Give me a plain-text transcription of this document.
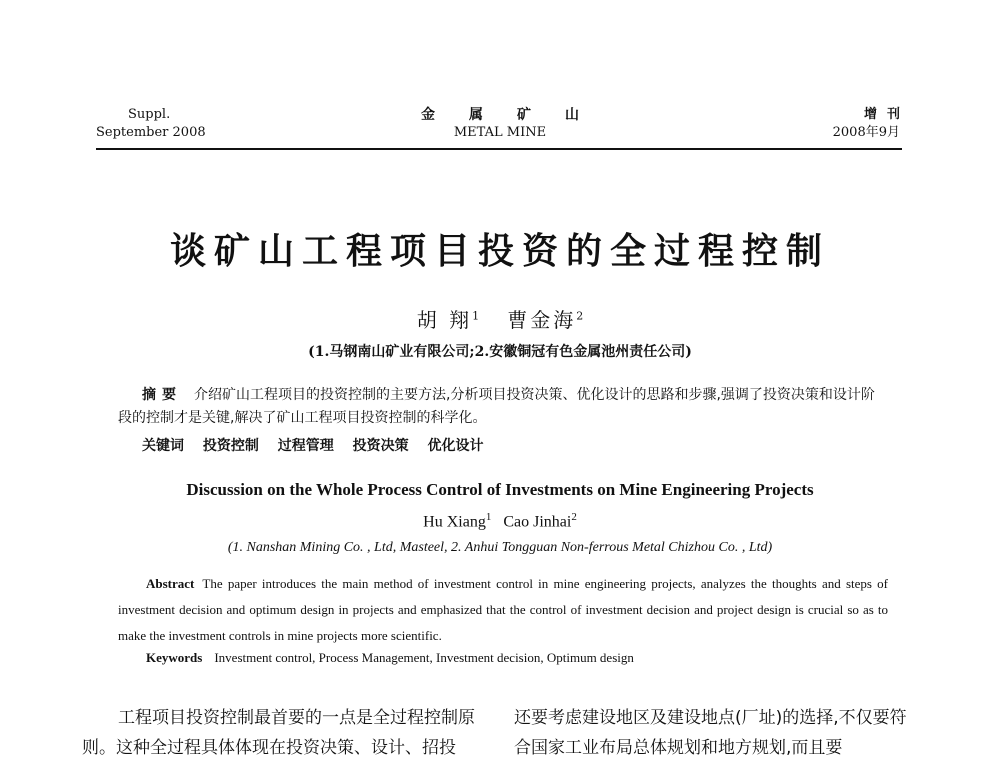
Suppl.
September 2008
金属矿山
METAL MINE
增刊
2008年9月
谈矿山工程项目投资的全过程控制
胡 翔$^1$ 曹金海$^2$
(1.马钢南山矿业有限公司;2.安徽铜冠有色金属池州责任公司)
摘要 介绍矿山工程项目的投资控制的主要方法,分析项目投资决策、优化设计的思路和步骤,强调了投资决策和设计阶段的控制才是关键,解决了矿山工程项目投资控制的科学化。
关键词 投资控制 过程管理 投资决策 优化设计
Discussion on the Whole Process Control of Investments on Mine Engineering Projects
Hu Xiang$^1$ Cao Jinhai$^2$
(1. Nanshan Mining Co. , Ltd, Masteel, 2. Anhui Tongguan Non-ferrous Metal Chizhou Co. , Ltd)
Abstract The paper introduces the main method of investment control in mine engineering projects, analyzes the thoughts and steps of investment decision and optimum design in projects and emphasized that the control of investment decision and project design is crucial so as to make the investment controls in mine projects more scientific.
Keywords Investment control, Process Management, Investment decision, Optimum design
工程项目投资控制最首要的一点是全过程控制原则。这种全过程具体体现在投资决策、设计、招投
还要考虑建设地区及建设地点(厂址)的选择,不仅要符合国家工业布局总体规划和地方规划,而且要
